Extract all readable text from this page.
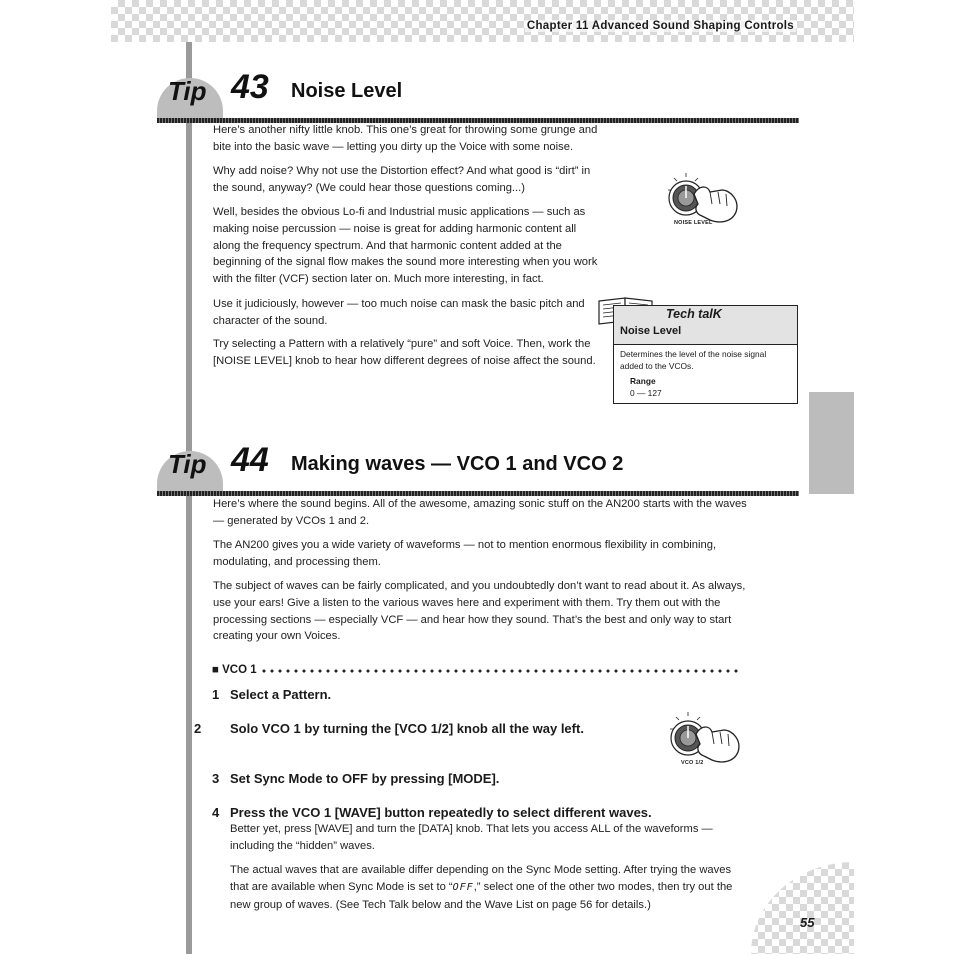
Chapter 11 Advanced Sound Shaping Controls
55
Tip 43 Noise Level

Here’s another nifty little knob. This one’s great for throwing some grunge and bite into the basic wave — letting you dirty up the Voice with some noise.

Why add noise? Why not use the Distortion effect? And what good is “dirt” in the sound, anyway? (We could hear those questions coming...)

Well, besides the obvious Lo-fi and Industrial music applications — such as making noise percussion — noise is great for adding harmonic content all along the frequency spectrum. And that harmonic content added at the beginning of the signal flow makes the sound more interesting when you work with the filter (VCF) section later on. Much more interesting, in fact.

Use it judiciously, however — too much noise can mask the basic pitch and character of the sound.

Try selecting a Pattern with a relatively “pure” and soft Voice. Then, work the [NOISE LEVEL] knob to hear how different degrees of noise affect the sound.

NOISE LEVEL
Tech talK
Noise Level

Determines the level of the noise signal added to the VCOs.

Range
0 — 127
Tip 44 Making waves — VCO 1 and VCO 2

Here’s where the sound begins. All of the awesome, amazing sonic stuff on the AN200 starts with the waves — generated by VCOs 1 and 2.

The AN200 gives you a wide variety of waveforms — not to mention enormous flexibility in combining, modulating, and processing them.

The subject of waves can be fairly complicated, and you undoubtedly don’t want to read about it. As always, use your ears! Give a listen to the various waves here and experiment with them. Try them out with the processing sections — especially VCF — and hear how they sound. That’s the best and only way to start creating your own Voices.

■ VCO 1

1 Select a Pattern.

2 Solo VCO 1 by turning the [VCO 1/2] knob all the way left.

3 Set Sync Mode to OFF by pressing [MODE].

4 Press the VCO 1 [WAVE] button repeatedly to select different waves.

Better yet, press [WAVE] and turn the [DATA] knob. That lets you access ALL of the waveforms — including the “hidden” waves.

The actual waves that are available differ depending on the Sync Mode setting. After trying the waves that are available when Sync Mode is set to “OFF,” select one of the other two modes, then try out the new group of waves. (See Tech Talk below and the Wave List on page 56 for details.)

VCO 1/2
